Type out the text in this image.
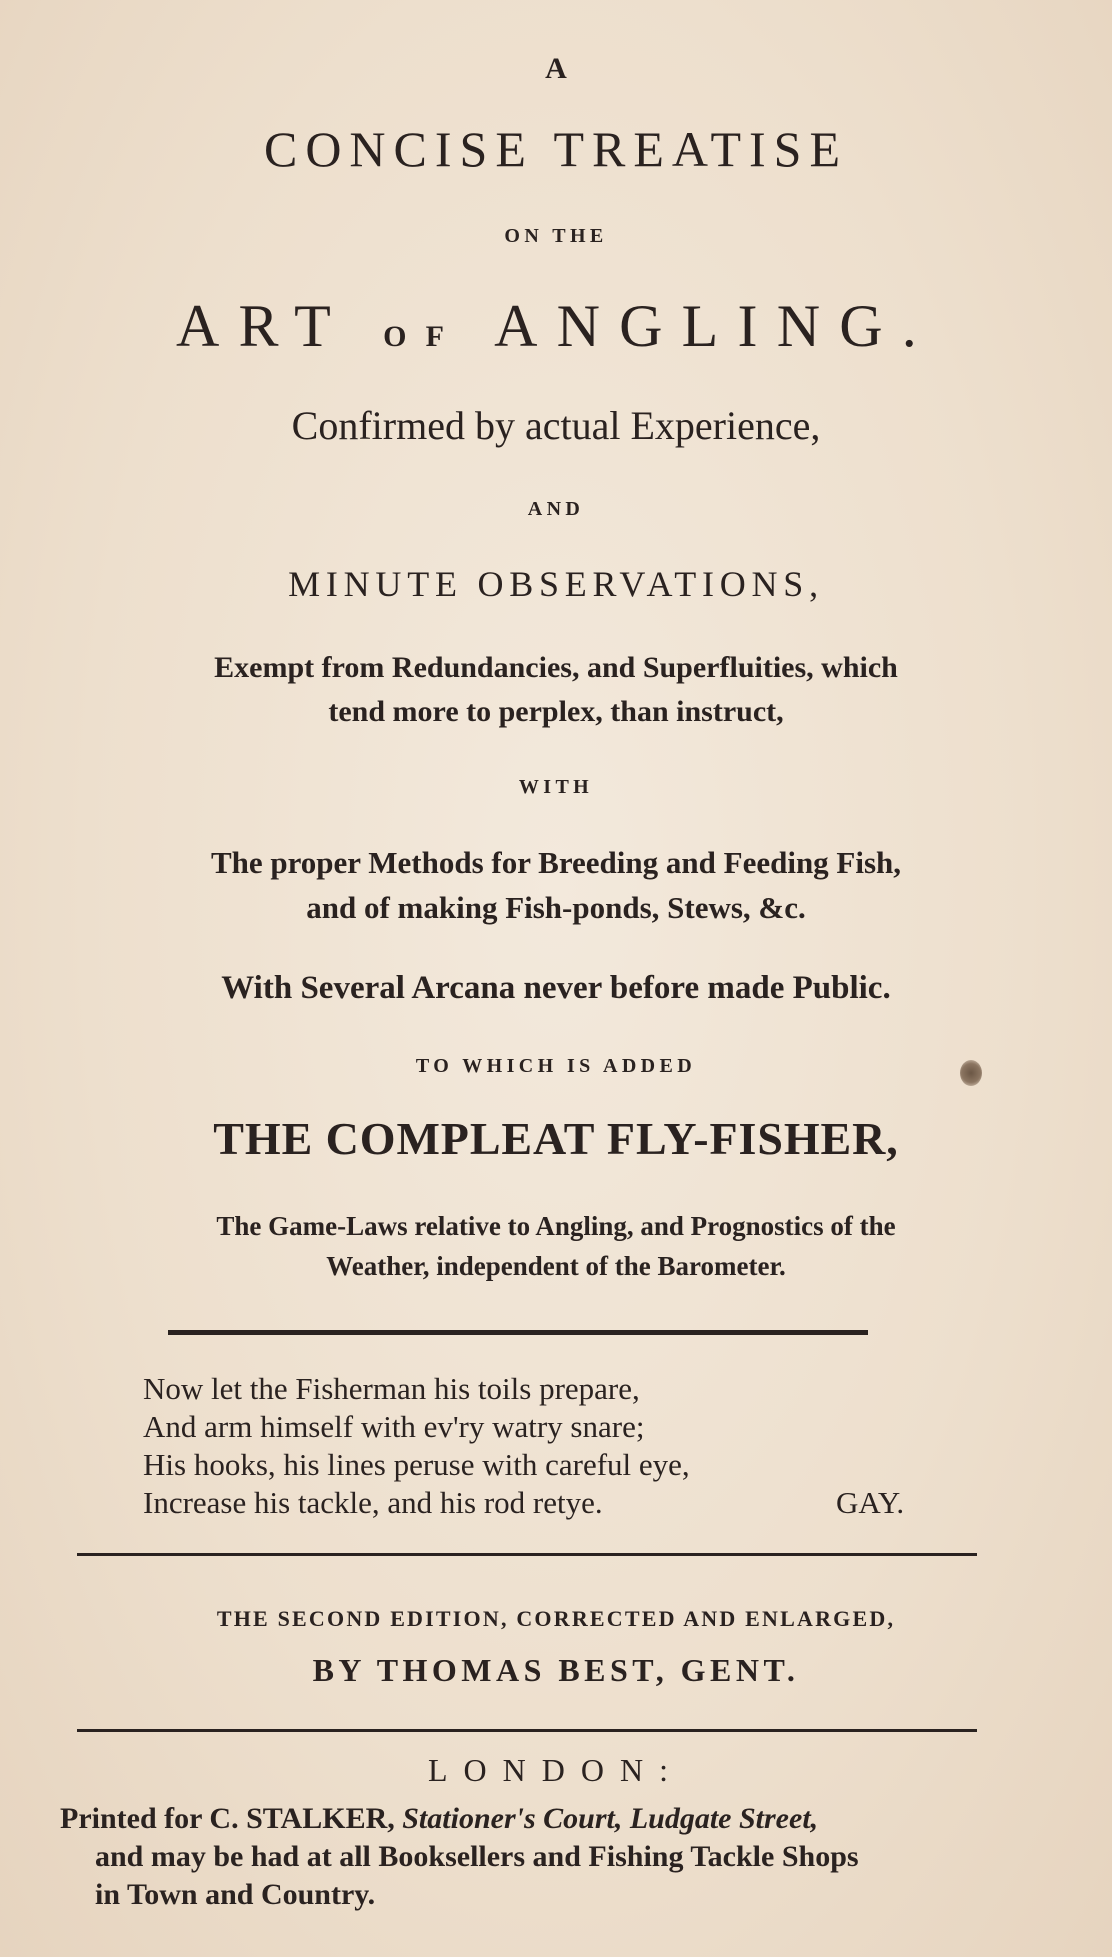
A
CONCISE TREATISE
ON THE
ART OF ANGLING.
Confirmed by actual Experience,
AND
MINUTE OBSERVATIONS,
Exempt from Redundancies, and Superfluities, which
tend more to perplex, than instruct,
WITH
The proper Methods for Breeding and Feeding Fish,
and of making Fish-ponds, Stews, &c.
With Several Arcana never before made Public.
TO WHICH IS ADDED
THE COMPLEAT FLY-FISHER,
The Game-Laws relative to Angling, and Prognostics of the
Weather, independent of the Barometer.
Now let the Fisherman his toils prepare,
And arm himself with ev'ry watry snare;
His hooks, his lines peruse with careful eye,
Increase his tackle, and his rod retye.	GAY.
THE SECOND EDITION, CORRECTED AND ENLARGED,
BY THOMAS BEST, GENT.
LONDON:
Printed for C. STALKER, Stationer's Court, Ludgate Street,
and may be had at all Booksellers and Fishing Tackle Shops
in Town and Country.
